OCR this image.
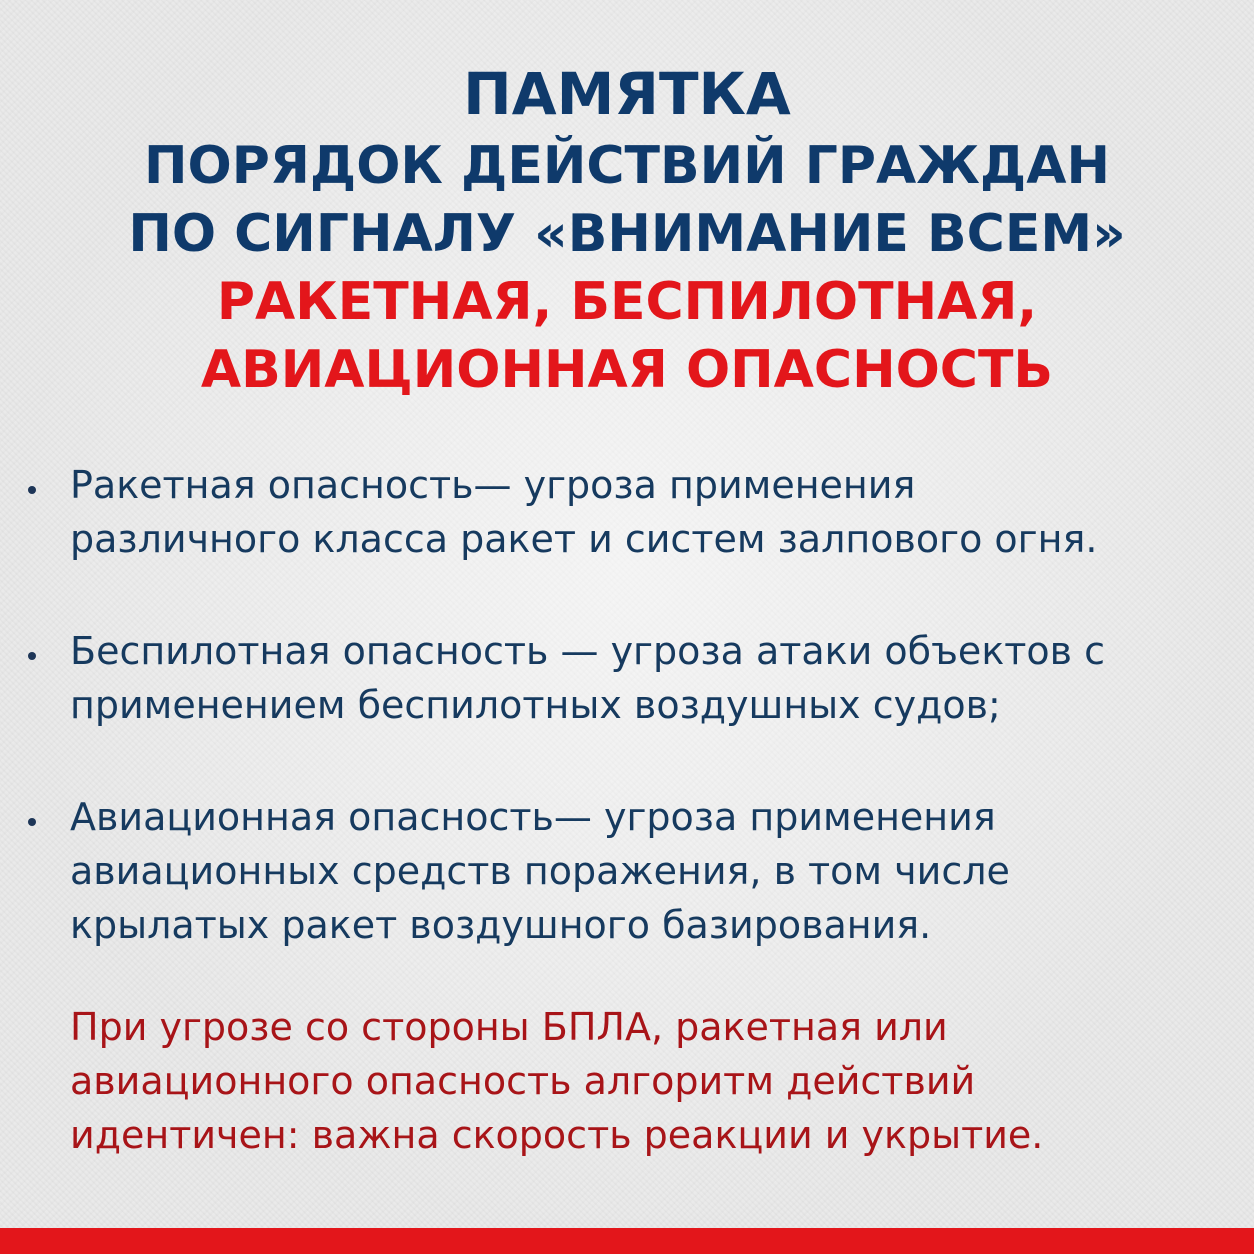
ПАМЯТКА
ПОРЯДОК ДЕЙСТВИЙ ГРАЖДАН
ПО СИГНАЛУ «ВНИМАНИЕ ВСЕМ»
РАКЕТНАЯ, БЕСПИЛОТНАЯ,
АВИАЦИОННАЯ ОПАСНОСТЬ
Ракетная опасность— угроза применения
различного класса ракет и систем залпового огня.
Беспилотная опасность — угроза атаки объектов с
применением беспилотных воздушных судов;
Авиационная опасность— угроза применения
авиационных средств поражения, в том числе
крылатых ракет воздушного базирования.
При угрозе со стороны БПЛА, ракетная или
авиационного опасность алгоритм действий
идентичен: важна скорость реакции и укрытие.
